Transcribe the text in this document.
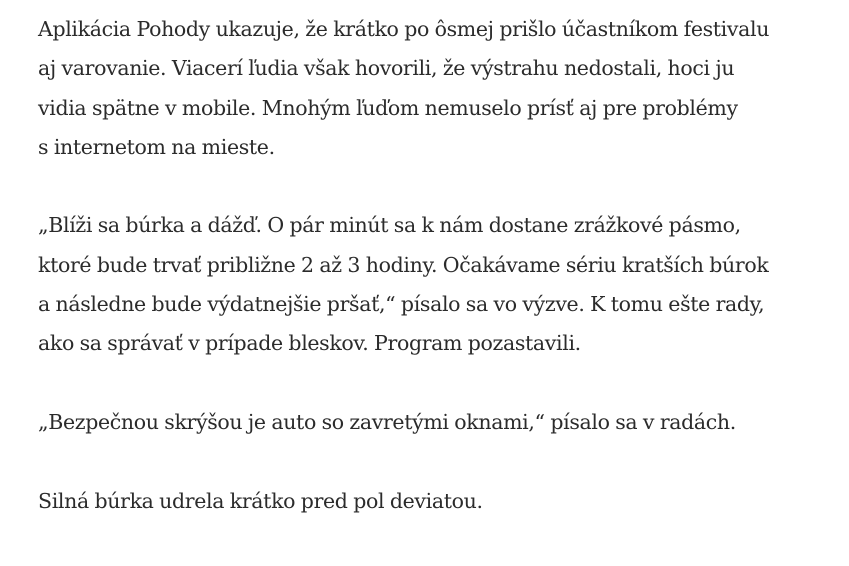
Aplikácia Pohody ukazuje, že krátko po ôsmej prišlo účastníkom festivalu
aj varovanie. Viacerí ľudia však hovorili, že výstrahu nedostali, hoci ju
vidia spätne v mobile. Mnohým ľuďom nemuselo prísť aj pre problémy
s internetom na mieste.

„Blíži sa búrka a dážď. O pár minút sa k nám dostane zrážkové pásmo,
ktoré bude trvať približne 2 až 3 hodiny. Očakávame sériu kratších búrok
a následne bude výdatnejšie pršať,“ písalo sa vo výzve. K tomu ešte rady,
ako sa správať v prípade bleskov. Program pozastavili.

„Bezpečnou skrýšou je auto so zavretými oknami,“ písalo sa v radách.

Silná búrka udrela krátko pred pol deviatou.
